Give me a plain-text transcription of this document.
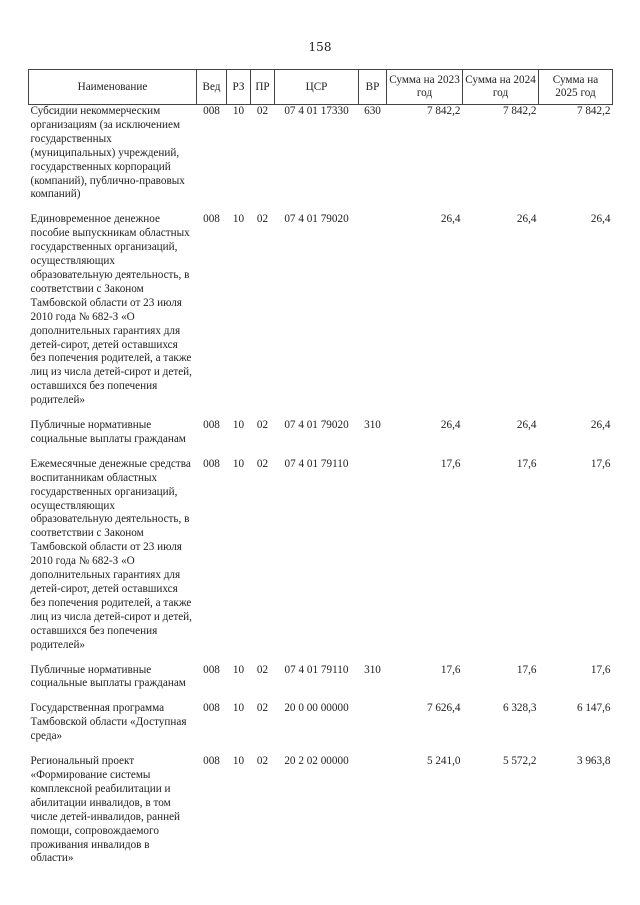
158
Наименование	Вед	РЗ	ПР	ЦСР	ВР	Сумма на 2023 год	Сумма на 2024 год	Сумма на 2025 год
Субсидии некоммерческим организациям (за исключением государственных (муниципальных) учреждений, государственных корпораций (компаний), публично-правовых компаний)	008	10	02	07 4 01 17330	630	7 842,2	7 842,2	7 842,2
Единовременное денежное пособие выпускникам областных государственных организаций, осуществляющих образовательную деятельность, в соответствии с Законом Тамбовской области от 23 июля 2010 года № 682-З «О дополнительных гарантиях для детей-сирот, детей оставшихся без попечения родителей, а также лиц из числа детей-сирот и детей, оставшихся без попечения родителей»	008	10	02	07 4 01 79020		26,4	26,4	26,4
Публичные нормативные социальные выплаты гражданам	008	10	02	07 4 01 79020	310	26,4	26,4	26,4
Ежемесячные денежные средства воспитанникам областных государственных организаций, осуществляющих образовательную деятельность, в соответствии с Законом Тамбовской области от 23 июля 2010 года № 682-З «О дополнительных гарантиях для детей-сирот, детей оставшихся без попечения родителей, а также лиц из числа детей-сирот и детей, оставшихся без попечения родителей»	008	10	02	07 4 01 79110		17,6	17,6	17,6
Публичные нормативные социальные выплаты гражданам	008	10	02	07 4 01 79110	310	17,6	17,6	17,6
Государственная программа Тамбовской области «Доступная среда»	008	10	02	20 0 00 00000		7 626,4	6 328,3	6 147,6
Региональный проект «Формирование системы комплексной реабилитации и абилитации инвалидов, в том числе детей-инвалидов, ранней помощи, сопровождаемого проживания инвалидов в области»	008	10	02	20 2 02 00000		5 241,0	5 572,2	3 963,8
